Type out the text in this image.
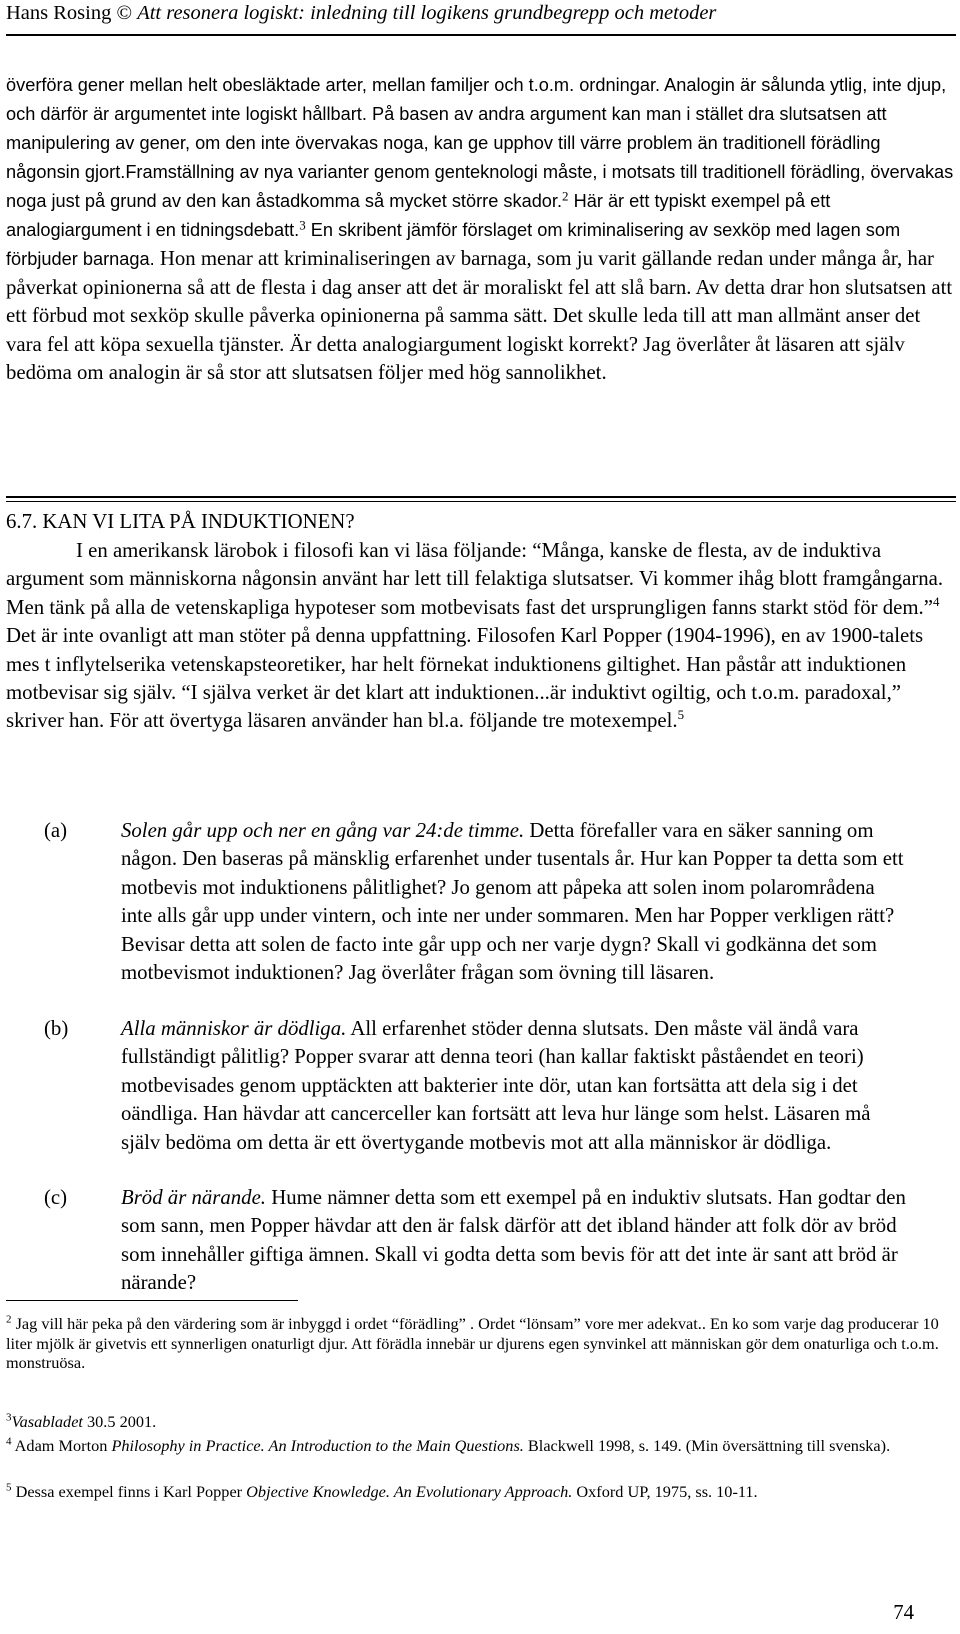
Hans Rosing © Att resonera logiskt: inledning till logikens grundbegrepp och metoder

överföra gener mellan helt obesläktade arter, mellan familjer och t.o.m. ordningar. Analogin är sålunda ytlig, inte djup, och därför är argumentet inte logiskt hållbart. På basen av andra argument kan man i stället dra slutsatsen att manipulering av gener, om den inte övervakas noga, kan ge upphov till värre problem än traditionell förädling någonsin gjort.Framställning av nya varianter genom genteknologi måste, i motsats till traditionell förädling, övervakas noga just på grund av den kan åstadkomma så mycket större skador.$^2$ Här är ett typiskt exempel på ett analogiargument i en tidningsdebatt.$^3$ En skribent jämför förslaget om kriminalisering av sexköp med lagen som förbjuder barnaga. Hon menar att kriminaliseringen av barnaga, som ju varit gällande redan under många år, har påverkat opinionerna så att de flesta i dag anser att det är moraliskt fel att slå barn. Av detta drar hon slutsatsen att ett förbud mot sexköp skulle påverka opinionerna på samma sätt. Det skulle leda till att man allmänt anser det vara fel att köpa sexuella tjänster. Är detta analogiargument logiskt korrekt? Jag överlåter åt läsaren att själv bedöma om analogin är så stor att slutsatsen följer med hög sannolikhet.

6.7. KAN VI LITA PÅ INDUKTIONEN?

I en amerikansk lärobok i filosofi kan vi läsa följande: “Många, kanske de flesta, av de induktiva argument som människorna någonsin använt har lett till felaktiga slutsatser. Vi kommer ihåg blott framgångarna. Men tänk på alla de vetenskapliga hypoteser som motbevisats fast det ursprungligen fanns starkt stöd för dem.”$^4$ Det är inte ovanligt att man stöter på denna uppfattning. Filosofen Karl Popper (1904-1996), en av 1900-talets mes t inflytelserika vetenskapsteoretiker, har helt förnekat induktionens giltighet. Han påstår att induktionen motbevisar sig själv. “I själva verket är det klart att induktionen...är induktivt ogiltig, och t.o.m. paradoxal,” skriver han. För att övertyga läsaren använder han bl.a. följande tre motexempel.$^5$

(a)	Solen går upp och ner en gång var 24:de timme. Detta förefaller vara en säker sanning om någon. Den baseras på mänsklig erfarenhet under tusentals år. Hur kan Popper ta detta som ett motbevis mot induktionens pålitlighet? Jo genom att påpeka att solen inom polarområdena inte alls går upp under vintern, och inte ner under sommaren. Men har Popper verkligen rätt? Bevisar detta att solen de facto inte går upp och ner varje dygn? Skall vi godkänna det som motbevismot induktionen? Jag överlåter frågan som övning till läsaren.

(b)	Alla människor är dödliga. All erfarenhet stöder denna slutsats. Den måste väl ändå vara fullständigt pålitlig? Popper svarar att denna teori (han kallar faktiskt påståendet en teori) motbevisades genom upptäckten att bakterier inte dör, utan kan fortsätta att dela sig i det oändliga. Han hävdar att cancerceller kan fortsätt att leva hur länge som helst. Läsaren må själv bedöma om detta är ett övertygande motbevis mot att alla människor är dödliga.

(c)	Bröd är närande. Hume nämner detta som ett exempel på en induktiv slutsats. Han godtar den som sann, men Popper hävdar att den är falsk därför att det ibland händer att folk dör av bröd som innehåller giftiga ämnen. Skall vi godta detta som bevis för att det inte är sant att bröd är närande?

$^2$ Jag vill här peka på den värdering som är inbyggd i ordet “förädling” . Ordet “lönsam” vore mer adekvat.. En ko som varje dag producerar 10 liter mjölk är givetvis ett synnerligen onaturligt djur. Att förädla innebär ur djurens egen synvinkel att människan gör dem onaturliga och t.o.m. monstruösa.

$^3$Vasabladet 30.5 2001.

$^4$ Adam Morton Philosophy in Practice. An Introduction to the Main Questions. Blackwell 1998, s. 149. (Min översättning till svenska).

$^5$ Dessa exempel finns i Karl Popper Objective Knowledge. An Evolutionary Approach. Oxford UP, 1975, ss. 10-11.

74
